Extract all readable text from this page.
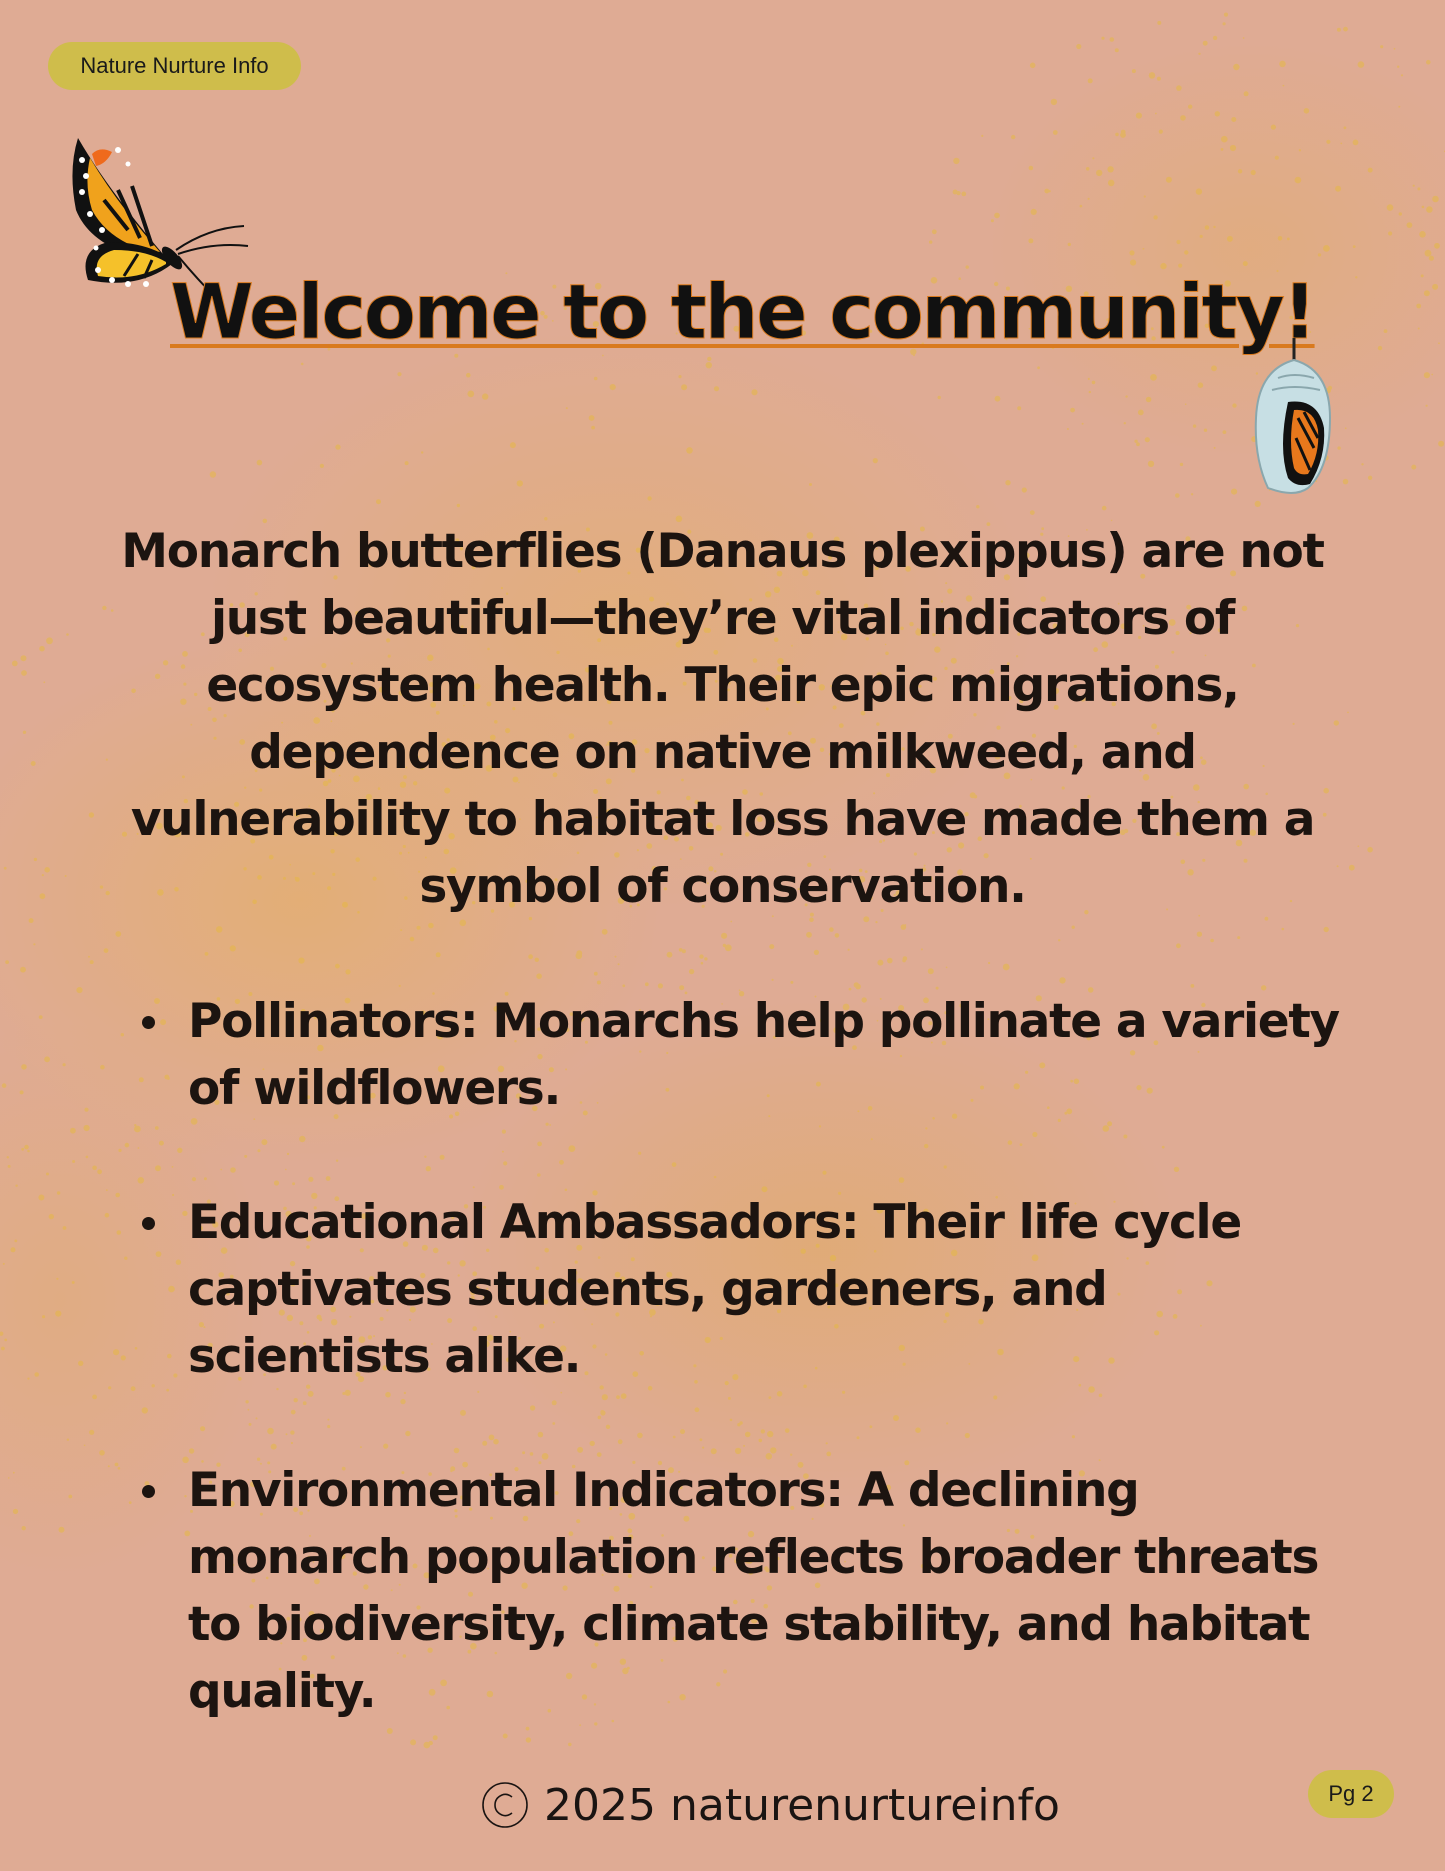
Nature Nurture Info
Welcome to the community!

Monarch butterflies (Danaus plexippus) are not just beautiful—they’re vital indicators of ecosystem health. Their epic migrations, dependence on native milkweed, and vulnerability to habitat loss have made them a symbol of conservation.

Pollinators: Monarchs help pollinate a variety of wildflowers.
Educational Ambassadors: Their life cycle captivates students, gardeners, and scientists alike.
Environmental Indicators: A declining monarch population reflects broader threats to biodiversity, climate stability, and habitat quality.
2025 naturenurtureinfo	Pg 2
